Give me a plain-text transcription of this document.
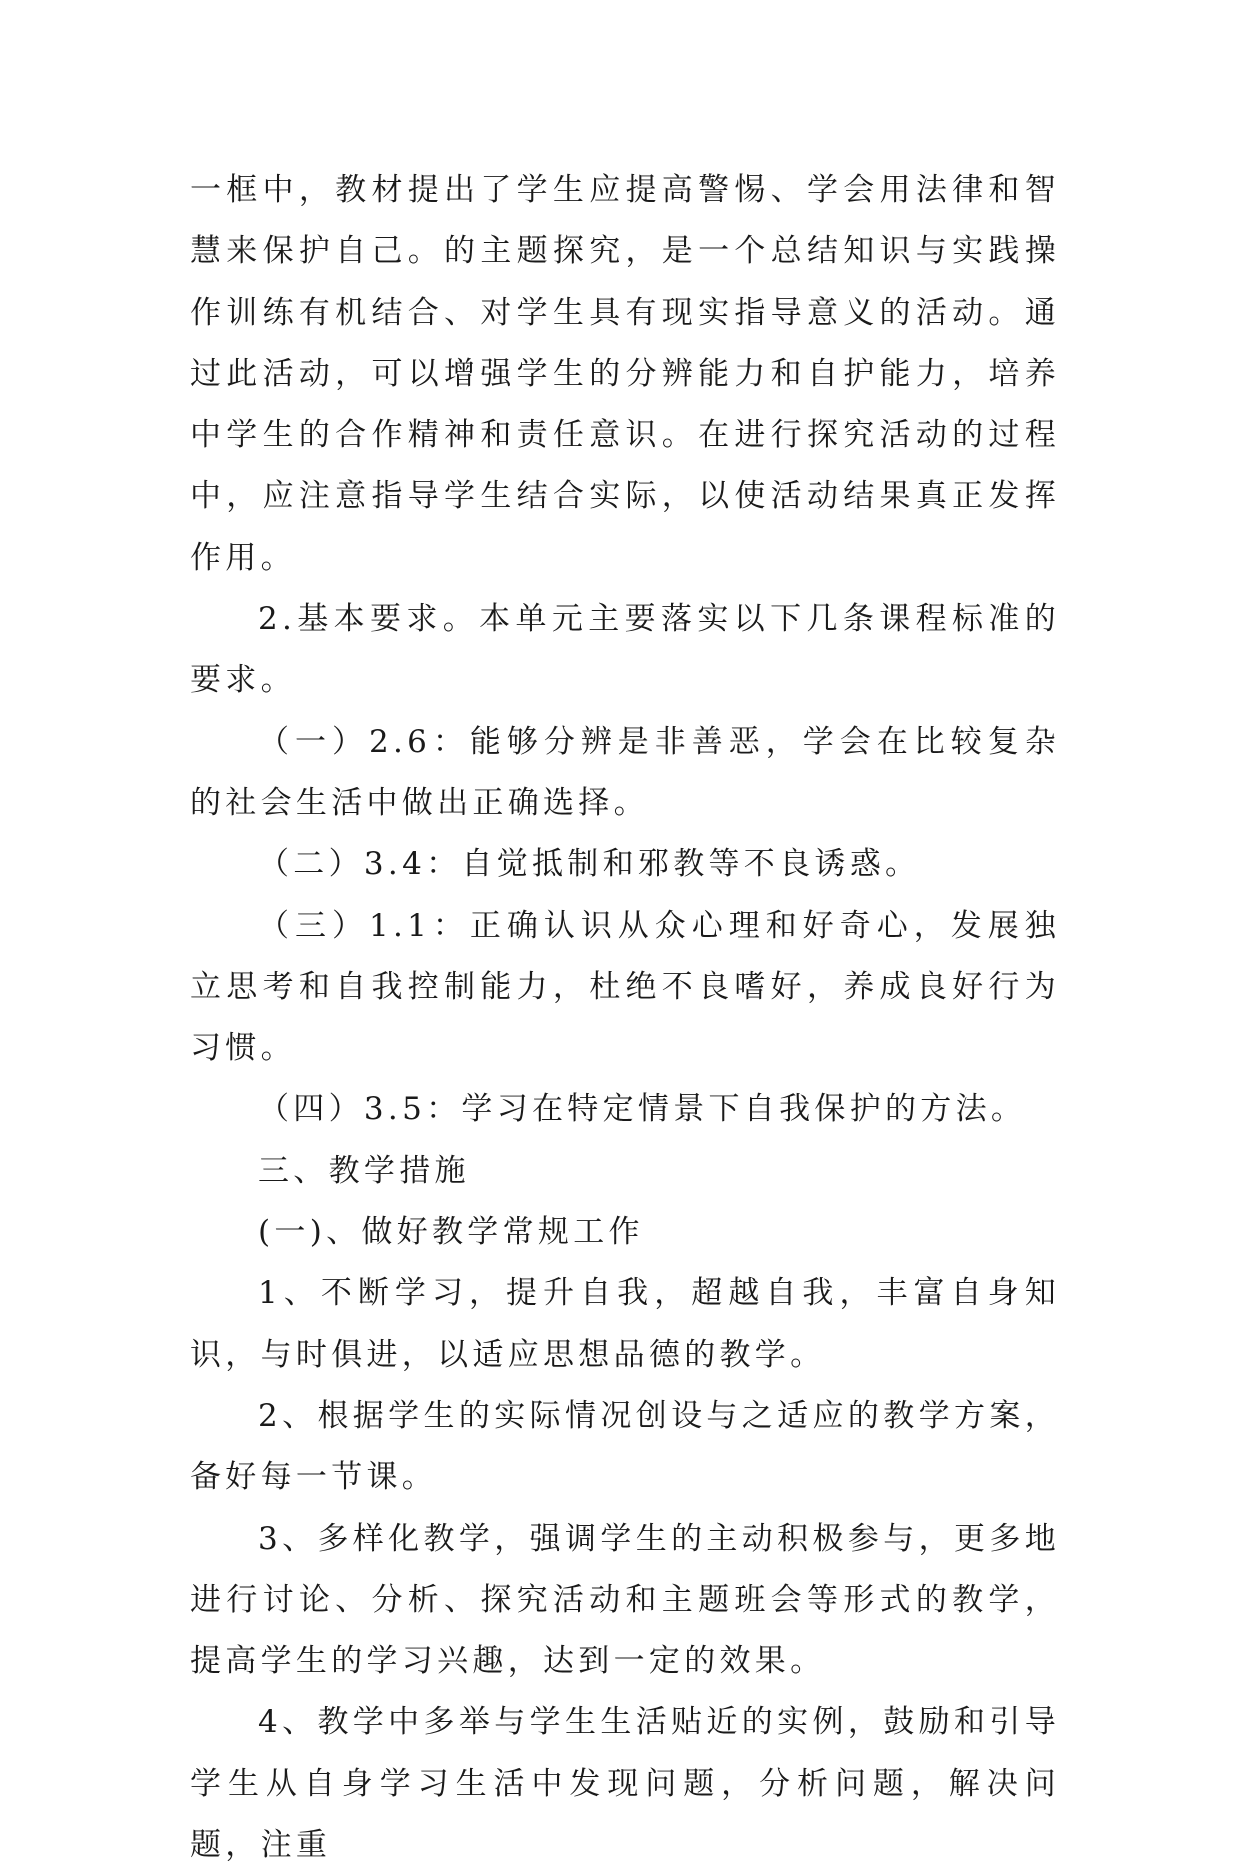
一框中，教材提出了学生应提高警惕、学会用法律和智慧来保护自己。的主题探究，是一个总结知识与实践操作训练有机结合、对学生具有现实指导意义的活动。通过此活动，可以增强学生的分辨能力和自护能力，培养中学生的合作精神和责任意识。在进行探究活动的过程中，应注意指导学生结合实际，以使活动结果真正发挥作用。

2.基本要求。本单元主要落实以下几条课程标准的要求。

（一）2.6：能够分辨是非善恶，学会在比较复杂的社会生活中做出正确选择。

（二）3.4：自觉抵制和邪教等不良诱惑。

（三）1.1：正确认识从众心理和好奇心，发展独立思考和自我控制能力，杜绝不良嗜好，养成良好行为习惯。

（四）3.5：学习在特定情景下自我保护的方法。

三、教学措施

(一)、做好教学常规工作

1、不断学习，提升自我，超越自我，丰富自身知识，与时俱进，以适应思想品德的教学。

2、根据学生的实际情况创设与之适应的教学方案，备好每一节课。

3、多样化教学，强调学生的主动积极参与，更多地进行讨论、分析、探究活动和主题班会等形式的教学，提高学生的学习兴趣，达到一定的效果。

4、教学中多举与学生生活贴近的实例，鼓励和引导学生从自身学习生活中发现问题，分析问题，解决问题，注重
